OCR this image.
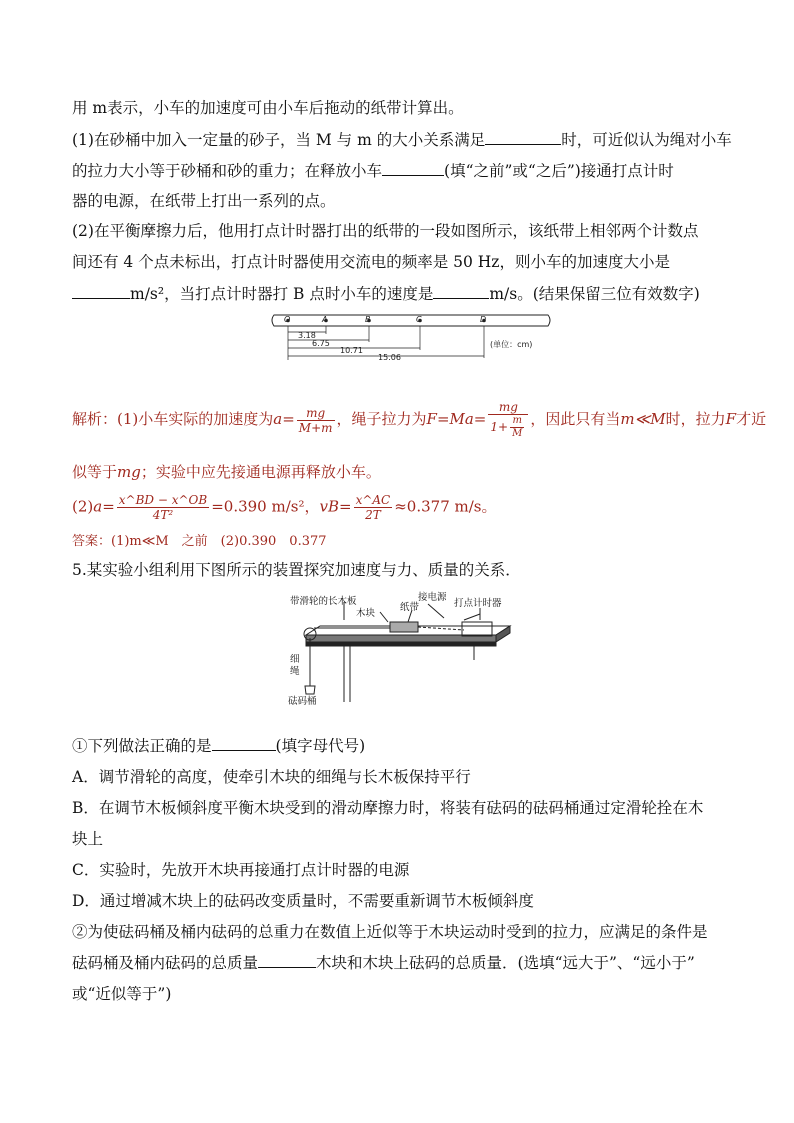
用 m表示，小车的加速度可由小车后拖动的纸带计算出。
(1)在砂桶中加入一定量的砂子，当 M 与 m 的大小关系满足	时，可近似认为绳对小车
的拉力大小等于砂桶和砂的重力；在释放小车	(填“之前”或“之后”)接通打点计时
器的电源，在纸带上打出一系列的点。
(2)在平衡摩擦力后，他用打点计时器打出的纸带的一段如图所示，该纸带上相邻两个计数点
间还有 4 个点未标出，打点计时器使用交流电的频率是 50 Hz，则小车的加速度大小是
m/s²，当打点计时器打 B 点时小车的速度是	m/s。(结果保留三位有效数字)
O	A	B	C	D
3.18
6.75
10.71
15.06
(单位：cm)
解析：(1)小车实际的加速度为$a= \frac{mg}{M+m}$ ，绳子拉力为$F=Ma= \frac{mg}{1+ \frac{m}{M}}$ ，因此只有当m≪M时，拉力F才近
似等于mg；实验中应先接通电源再释放小车。
$(2)a= \frac{x\^{}BD - x\^{}OB}{\text{4T²}} =0.390$ m/s²，$vB= \frac{x\^{}AC}{2T} \approx 0.377$ m/s。
答案：(1)m≪M　之前　(2)0.390　0.377
5.某实验小组利用下图所示的装置探究加速度与力、质量的关系．
带滑轮的长木板
木块
纸带
接电源
打点计时器
细
绳
砝码桶
①下列做法正确的是	(填字母代号)
A．调节滑轮的高度，使牵引木块的细绳与长木板保持平行
B．在调节木板倾斜度平衡木块受到的滑动摩擦力时，将装有砝码的砝码桶通过定滑轮拴在木
块上
C．实验时，先放开木块再接通打点计时器的电源
D．通过增减木块上的砝码改变质量时，不需要重新调节木板倾斜度
②为使砝码桶及桶内砝码的总重力在数值上近似等于木块运动时受到的拉力，应满足的条件是
砝码桶及桶内砝码的总质量	木块和木块上砝码的总质量．(选填“远大于”、“远小于”
或“近似等于”)
